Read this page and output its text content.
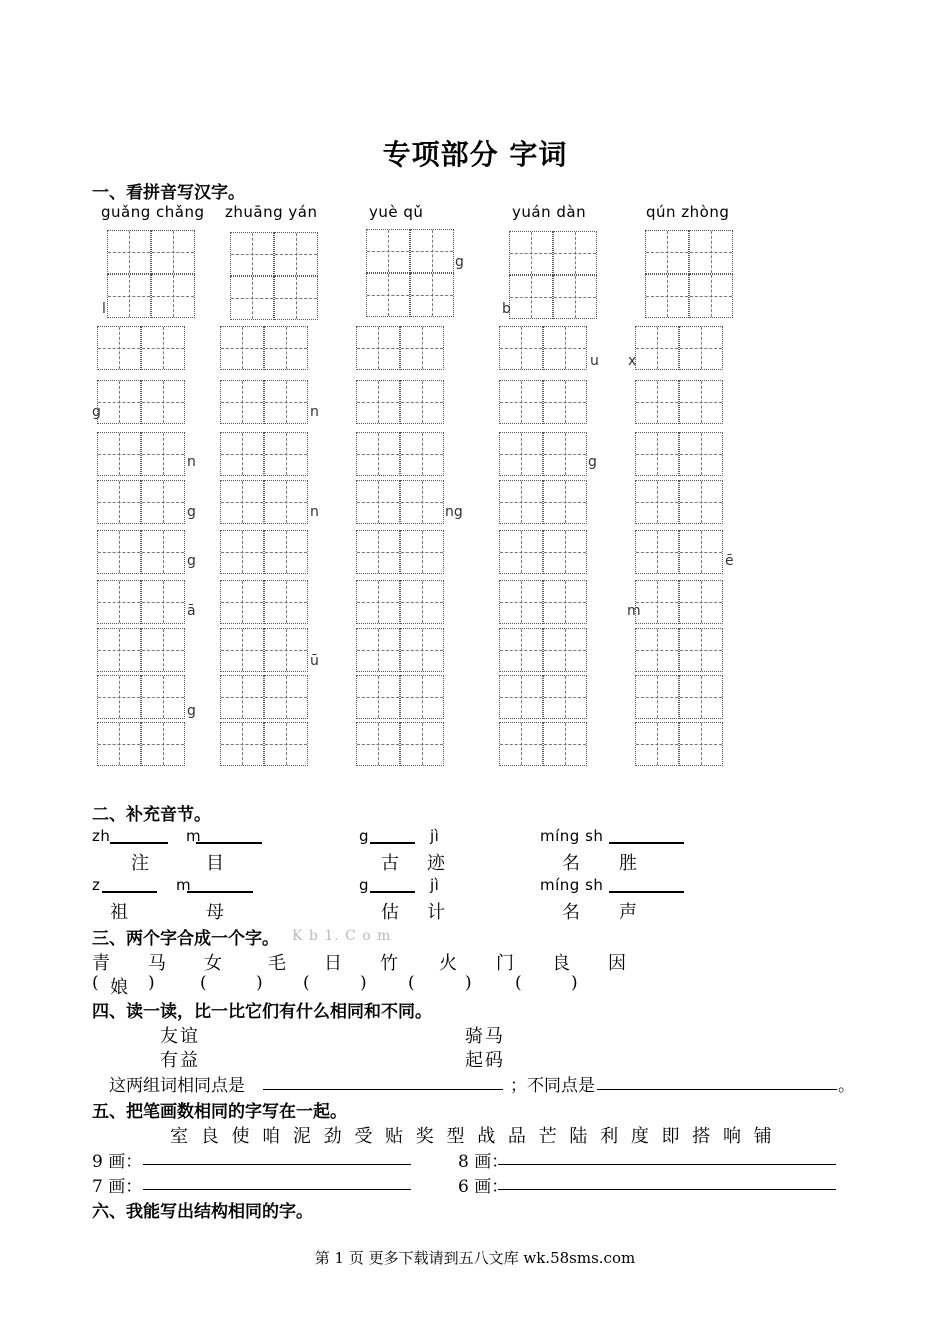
专项部分 字词
一、看拼音写汉字。
guǎng chǎng zhuāng yán	yuè qǔ	yuán dàn	qún zhòng
g
l	b
u x
g	n
n	g
g	n	ng
g	ē
ā	m
ū
g
二、补充音节。
zh	m	g	jì	míng sh
注	目	古 迹	名 胜
z	m	g	jì	míng sh
祖	母	估 计	名 声
三、两个字合成一个字。 K b 1. C o m
青 马 女 毛 日 竹 火 门 良 因
( 娘 )	(	) (	) (	)	(	)
四、读一读，比一比它们有什么相同和不同。
友谊	骑马
有益	起码
这两组词相同点是	；不同点是	。
五、把笔画数相同的字写在一起。
室 良 使 咱 泥 劲 受 贴 奖 型 战 品 芒 陆 利 度 即 搭 响 铺
9 画：	8 画：
7 画：	6 画：
六、我能写出结构相同的字。
第 1 页 更多下载请到五八文库 wk.58sms.com
